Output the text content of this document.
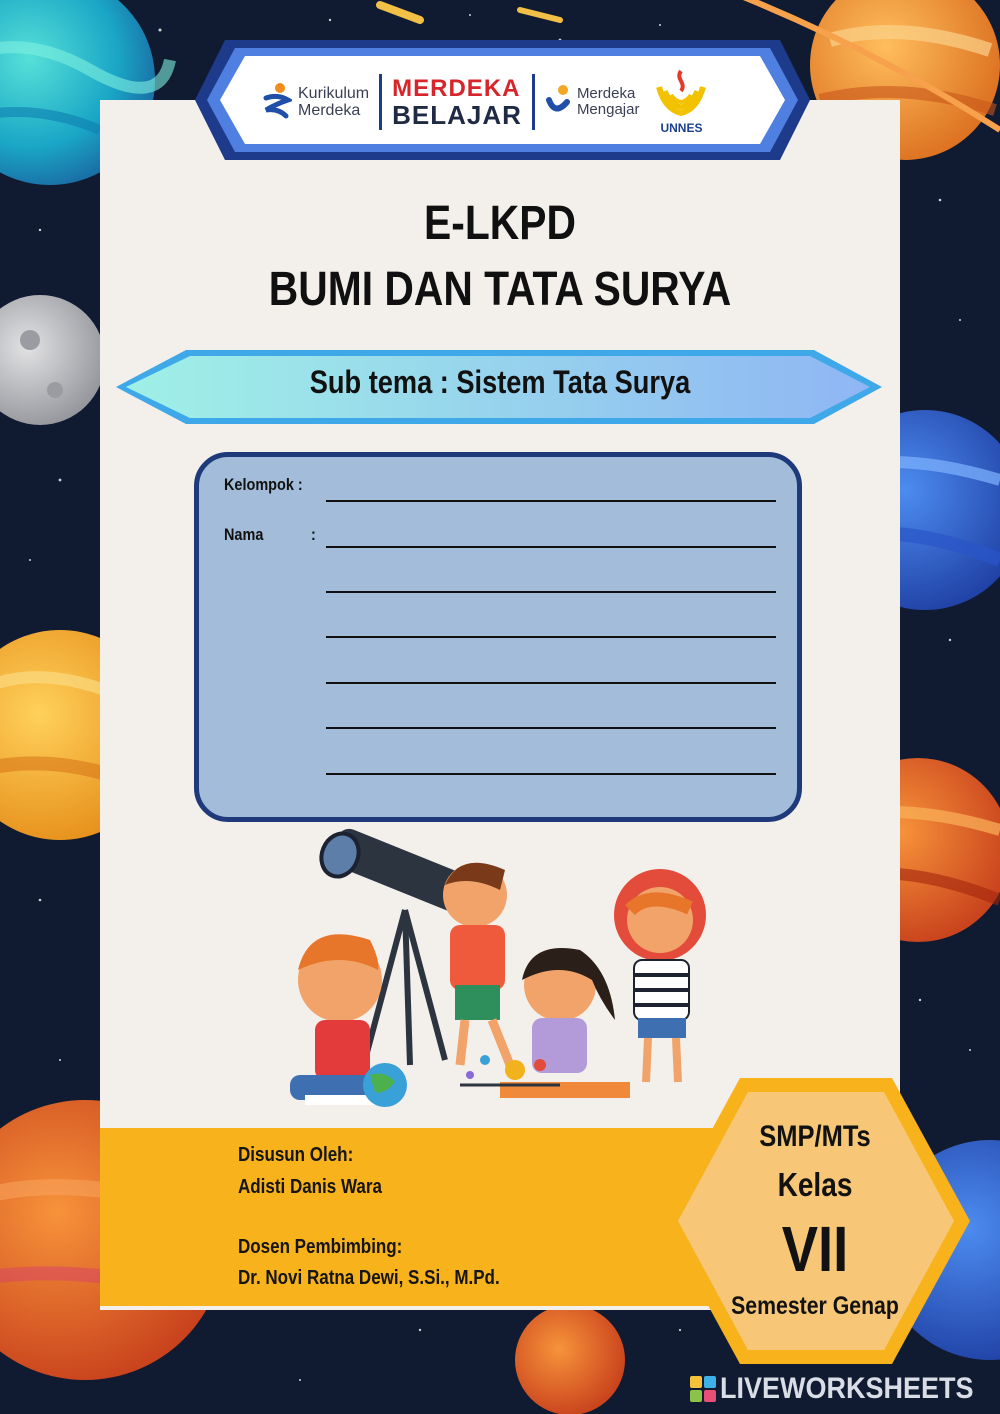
Kurikulum
Merdeka
MERDEKA
BELAJAR
Merdeka
Mengajar
UNNES
E-LKPD
BUMI DAN TATA SURYA
Sub tema : Sistem Tata Surya
Kelompok :
Nama	:
Disusun Oleh:
Adisti Danis Wara
Dosen Pembimbing:
Dr. Novi Ratna Dewi, S.Si., M.Pd.
SMP/MTs
Kelas
VII
Semester Genap
LIVEWORKSHEETS
